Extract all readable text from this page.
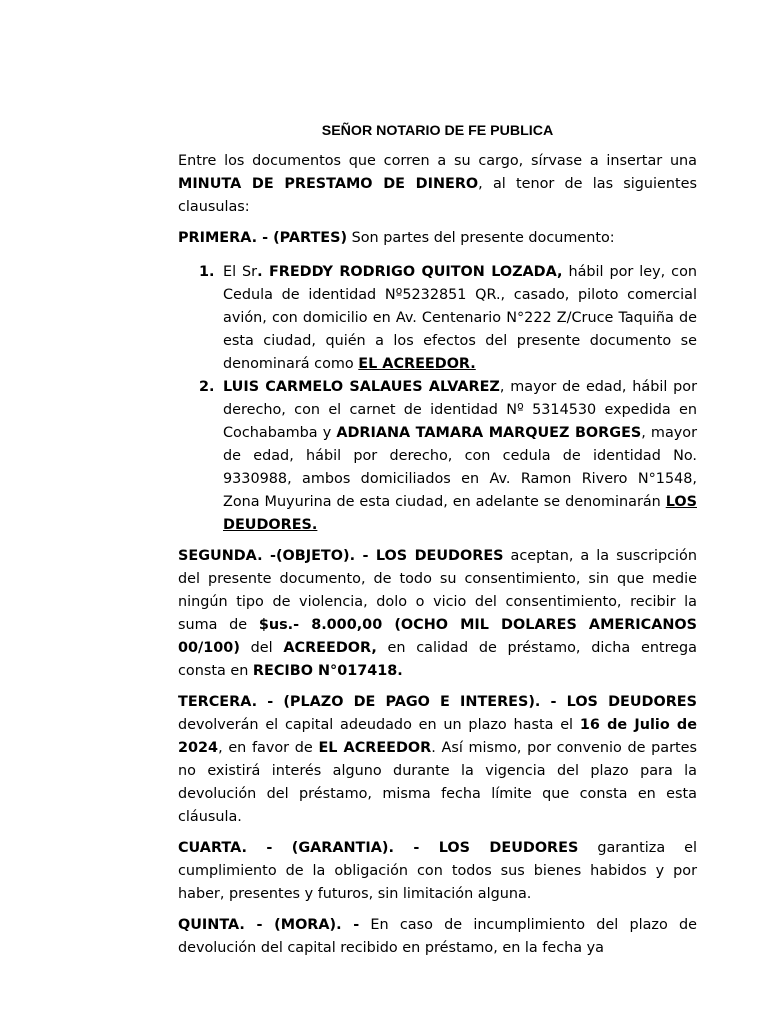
SEÑOR NOTARIO DE FE PUBLICA

Entre los documentos que corren a su cargo, sírvase a insertar una MINUTA DE PRESTAMO DE DINERO, al tenor de las siguientes clausulas:

PRIMERA. - (PARTES) Son partes del presente documento:

1. El Sr. FREDDY RODRIGO QUITON LOZADA, hábil por ley, con Cedula de identidad Nº5232851 QR., casado, piloto comercial avión, con domicilio en Av. Centenario N°222 Z/Cruce Taquiña de esta ciudad, quién a los efectos del presente documento se denominará como EL ACREEDOR.
2. LUIS CARMELO SALAUES ALVAREZ, mayor de edad, hábil por derecho, con el carnet de identidad Nº 5314530 expedida en Cochabamba y ADRIANA TAMARA MARQUEZ BORGES, mayor de edad, hábil por derecho, con cedula de identidad No. 9330988, ambos domiciliados en Av. Ramon Rivero N°1548, Zona Muyurina de esta ciudad, en adelante se denominarán LOS DEUDORES.

SEGUNDA. -(OBJETO). - LOS DEUDORES aceptan, a la suscripción del presente documento, de todo su consentimiento, sin que medie ningún tipo de violencia, dolo o vicio del consentimiento, recibir la suma de $us.- 8.000,00 (OCHO MIL DOLARES AMERICANOS 00/100) del ACREEDOR, en calidad de préstamo, dicha entrega consta en RECIBO N°017418.

TERCERA. - (PLAZO DE PAGO E INTERES). - LOS DEUDORES devolverán el capital adeudado en un plazo hasta el 16 de Julio de 2024, en favor de EL ACREEDOR. Así mismo, por convenio de partes no existirá interés alguno durante la vigencia del plazo para la devolución del préstamo, misma fecha límite que consta en esta cláusula.

CUARTA. - (GARANTIA). - LOS DEUDORES garantiza el cumplimiento de la obligación con todos sus bienes habidos y por haber, presentes y futuros, sin limitación alguna.

QUINTA. - (MORA). - En caso de incumplimiento del plazo de devolución del capital recibido en préstamo, en la fecha ya
